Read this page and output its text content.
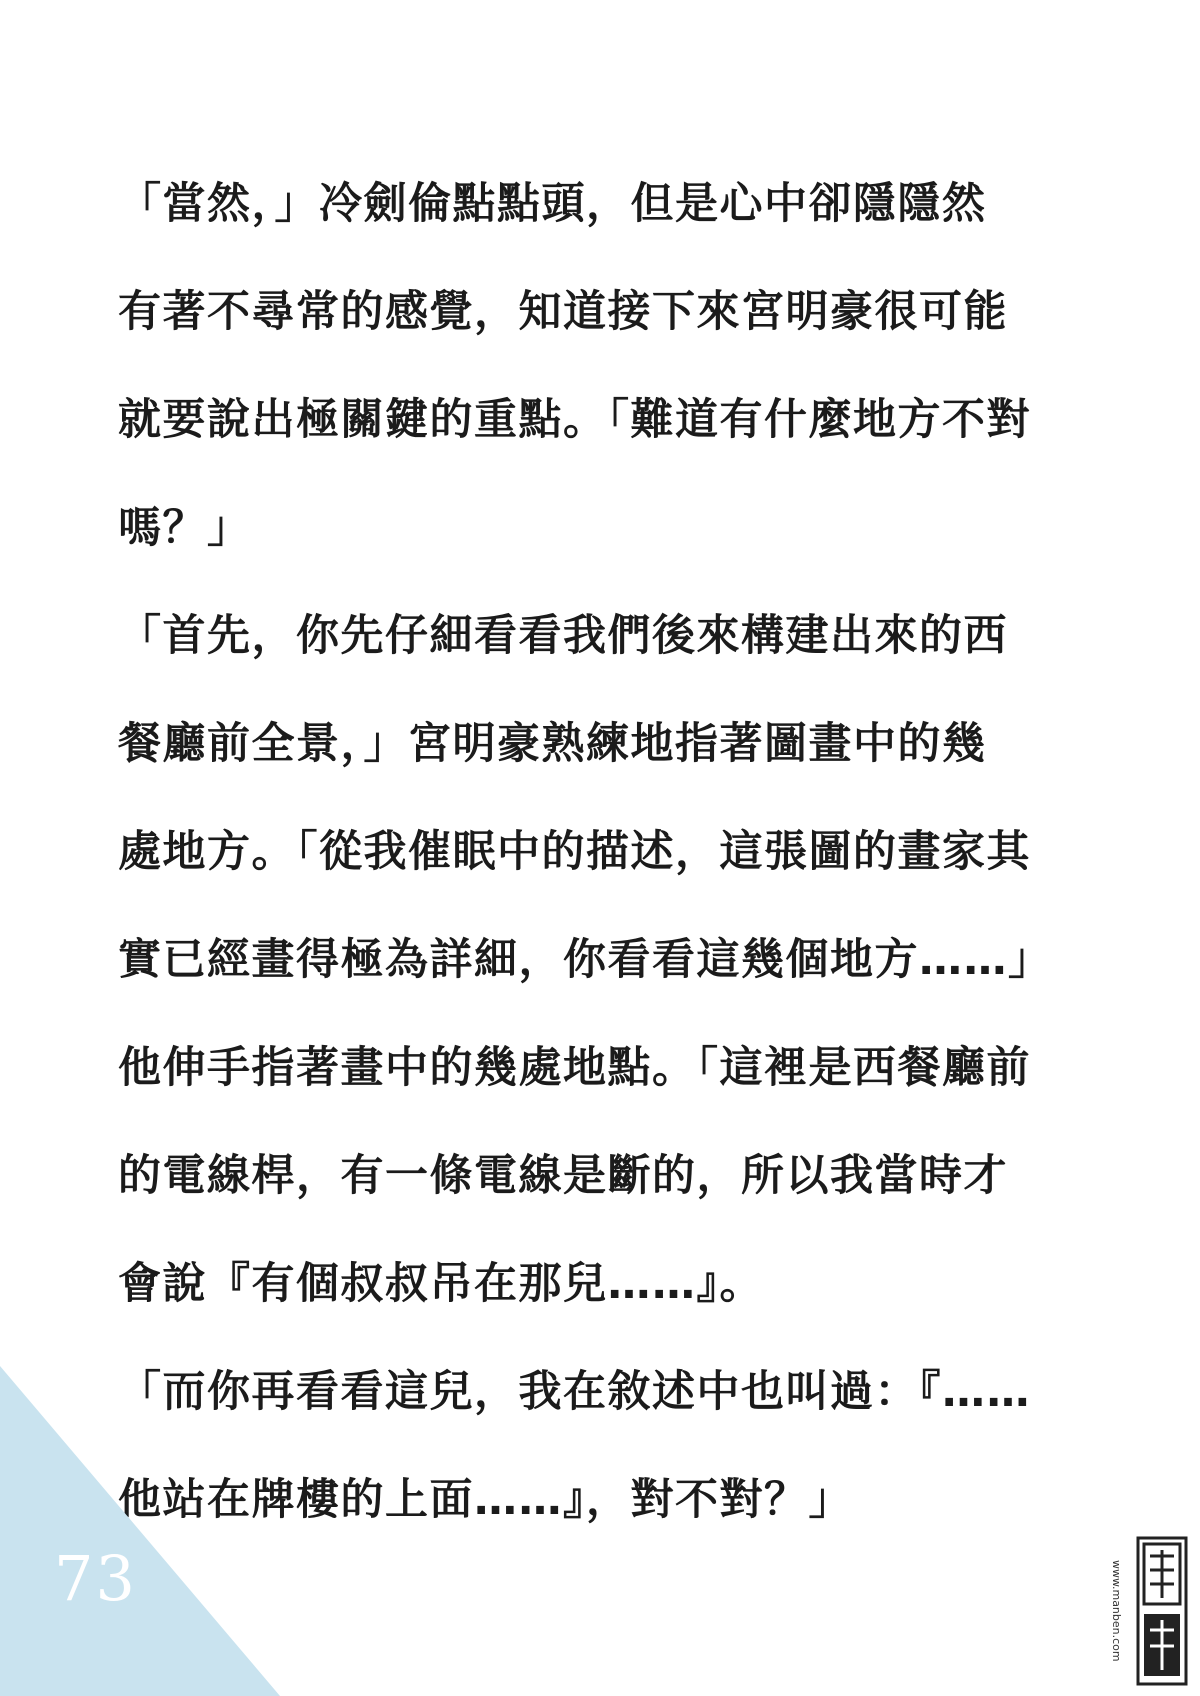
「當然，」冷劍倫點點頭，但是心中卻隱隱然
有著不尋常的感覺，知道接下來宮明豪很可能
就要說出極關鍵的重點。「難道有什麼地方不對
嗎？」
「首先，你先仔細看看我們後來構建出來的西
餐廳前全景，」宮明豪熟練地指著圖畫中的幾
處地方。「從我催眠中的描述，這張圖的畫家其
實已經畫得極為詳細，你看看這幾個地方……」
他伸手指著畫中的幾處地點。「這裡是西餐廳前
的電線桿，有一條電線是斷的，所以我當時才
會說『有個叔叔吊在那兒……』。
「而你再看看這兒，我在敘述中也叫過：『……
他站在牌樓的上面……』，對不對？」
73	www.manben.com
